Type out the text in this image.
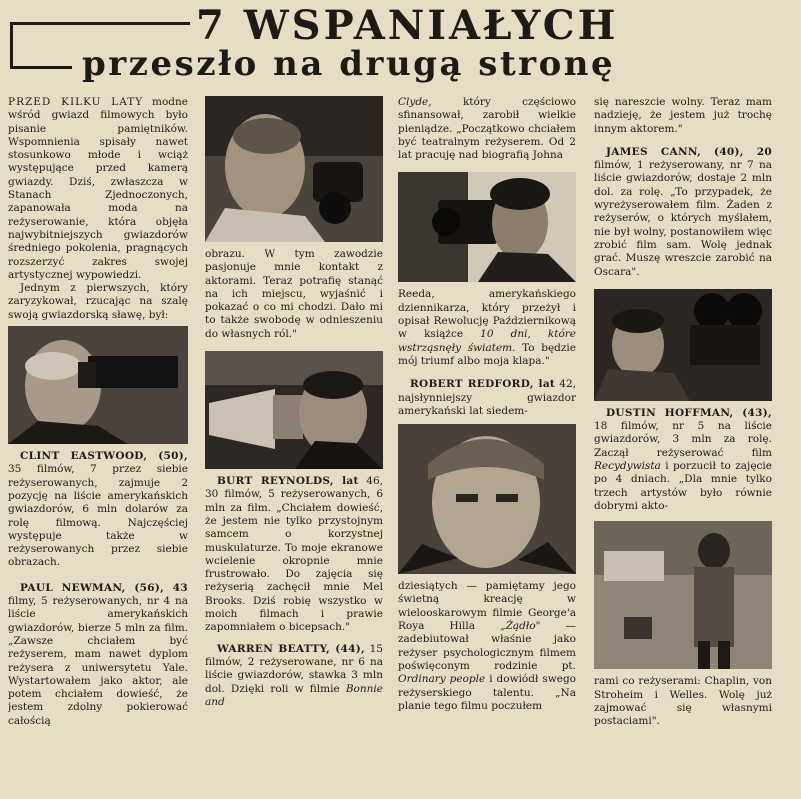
7 WSPANIAŁYCH
przeszło na drugą stronę

PRZED KILKU LATY modne wśród gwiazd filmowych było pisanie pamiętników. Wspomnienia spisały nawet stosunkowo młode i wciąż występujące przed kamerą gwiazdy. Dziś, zwłaszcza w Stanach Zjednoczonych, zapanowała moda na reżyserowanie, która objęła najwybitniejszych gwiazdorów średniego pokolenia, pragnących rozszerzyć zakres swojej artystycznej wypowiedzi.

Jednym z pierwszych, który zaryzykował, rzucając na szalę swoją gwiazdorską sławę, był:

CLINT EASTWOOD, (50), 35 filmów, 7 przez siebie reżyserowanych, zajmuje 2 pozycję na liście amerykańskich gwiazdorów, 6 mln dolarów za rolę filmową. Najczęściej występuje także w reżyserowanych przez siebie obrazach.

PAUL NEWMAN, (56), 43 filmy, 5 reżyserowanych, nr 4 na liście amerykańskich gwiazdorów, bierze 5 mln za film. „Zawsze chciałem być reżyserem, mam nawet dyplom reżysera z uniwersytetu Yale. Wystartowałem jako aktor, ale potem chciałem dowieść, że jestem zdolny pokierować całością

obrazu. W tym zawodzie pasjonuje mnie kontakt z aktorami. Teraz potrafię stanąć na ich miejscu, wyjaśnić i pokazać o co mi chodzi. Dało mi to także swobodę w odnieszeniu do własnych ról."

BURT REYNOLDS, lat 46, 30 filmów, 5 reżyserowanych, 6 mln za film. „Chciałem dowieść, że jestem nie tylko przystojnym samcem o korzystnej muskulaturze. To moje ekranowe wcielenie okropnie mnie frustrowało. Do zajęcia się reżyserią zachęcił mnie Mel Brooks. Dziś robię wszystko w moich filmach i prawie zapomniałem o bicepsach."

WARREN BEATTY, (44), 15 filmów, 2 reżyserowane, nr 6 na liście gwiazdorów, stawka 3 mln dol. Dzięki roli w filmie Bonnie and

Clyde,	który częściowo sfinansował, zarobił wielkie pieniądze. „Początkowo chciałem być teatralnym reżyserem. Od 2 lat pracuję nad biografią Johna

Reeda, amerykańskiego dziennikarza, który przeżył i opisał Rewolucję Październikową w książce 10 dni, które wstrząsnęły światem. To będzie mój triumf albo moja klapa."

ROBERT REDFORD, lat 42, najsłynniejszy gwiazdor amerykański lat siedem-

dziesiątych — pamiętamy jego świetną kreację w wielooskarowym filmie George'a Roya Hilla „Żądło" — zadebiutował właśnie jako reżyser psychologicznym filmem poświęconym rodzinie pt. Ordinary people i dowiódł swego reżyserskiego talentu. „Na planie tego filmu poczułem

się nareszcie wolny. Teraz mam nadzieję, że jestem już trochę innym aktorem."

JAMES CANN, (40), 20 filmów, 1 reżyserowany, nr 7 na liście gwiazdorów, dostaje 2 mln dol. za rolę. „To przypadek, że wyreżyserowałem film. Żaden z reżyserów, o których myślałem, nie był wolny, postanowiłem więc zrobić film sam. Wolę jednak grać. Muszę wreszcie zarobić na Oscara".

DUSTIN HOFFMAN, (43), 18 filmów, nr 5 na liście gwiazdorów, 3 mln za rolę. Zaczął reżyserować film Recydywista i porzucił to zajęcie po 4 dniach. „Dla mnie tylko trzech artystów było równie dobrymi akto-

rami co reżyserami: Chaplin, von Stroheim i Welles. Wolę już zajmować się własnymi postaciami".
